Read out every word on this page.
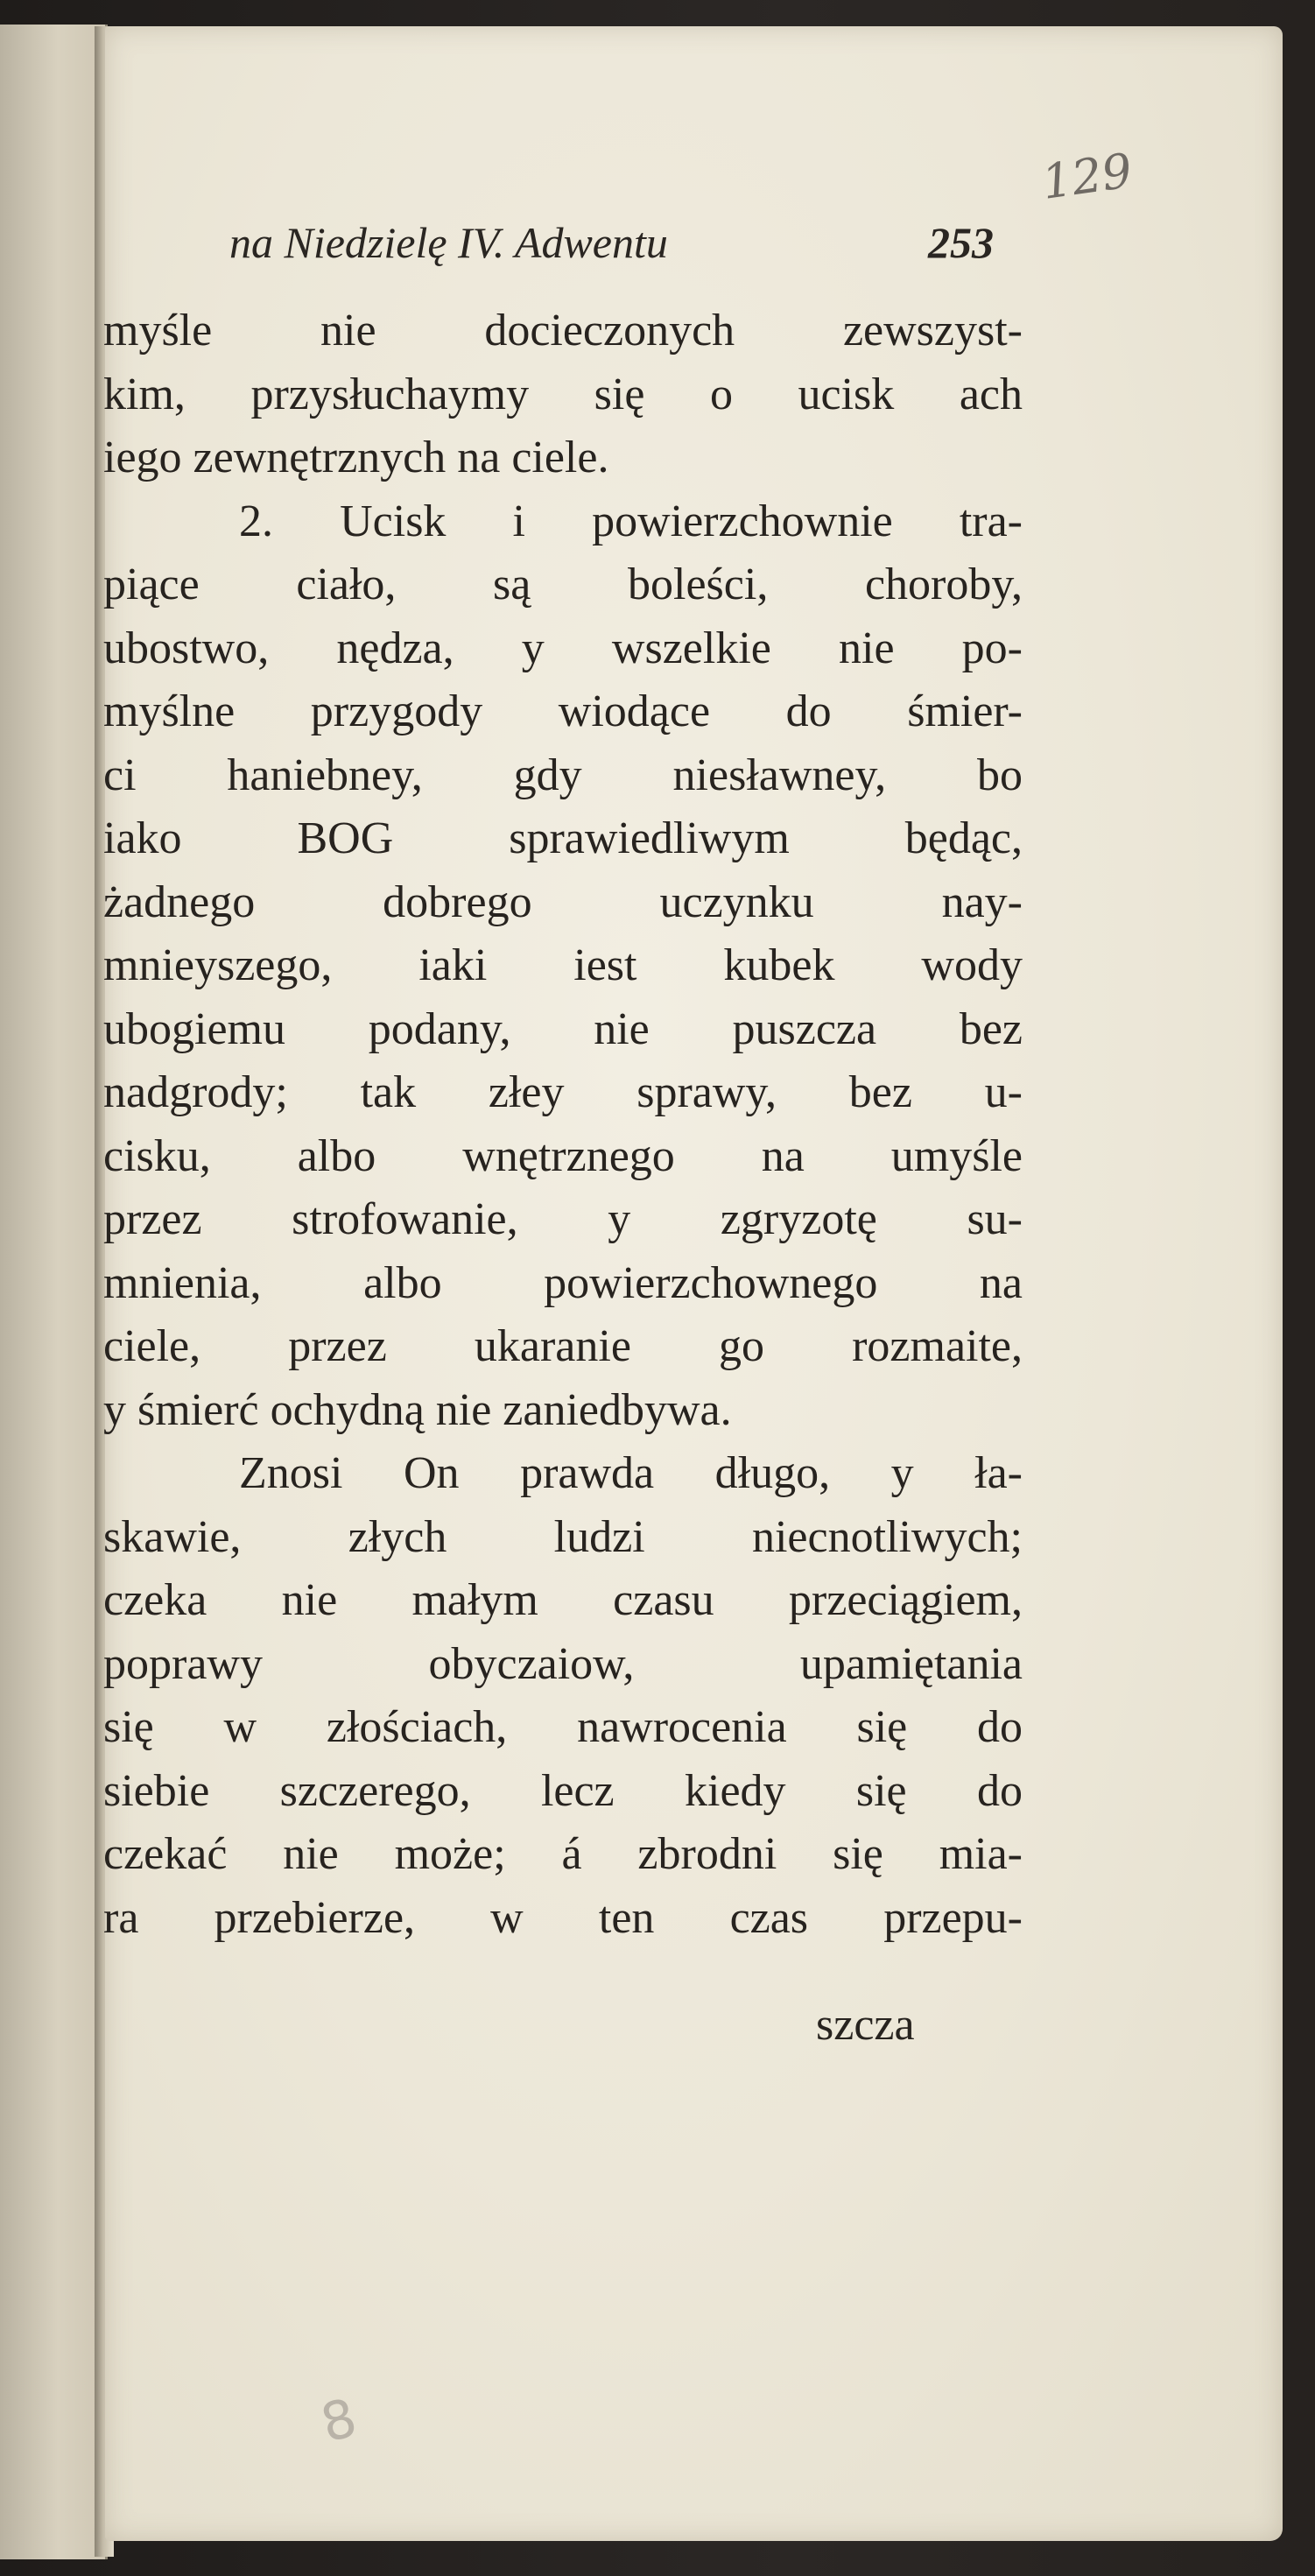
129
na Niedzielę IV. Adwentu	253
myśle nie docieczonych zewszyst-
kim, przysłuchaymy się o ucisk ach
iego zewnętrznych na ciele.
2. Ucisk i powierzchownie tra-
piące ciało, są boleści, choroby,
ubostwo, nędza, y wszelkie nie po-
myślne przygody wiodące do śmier-
ci haniebney, gdy niesławney, bo
iako BOG sprawiedliwym będąc,
żadnego dobrego uczynku nay-
mnieyszego, iaki iest kubek wody
ubogiemu podany, nie puszcza bez
nadgrody; tak złey sprawy, bez u-
cisku, albo wnętrznego na umyśle
przez strofowanie, y zgryzotę su-
mnienia, albo powierzchownego na
ciele, przez ukaranie go rozmaite,
y śmierć ochydną nie zaniedbywa.
Znosi On prawda długo, y ła-
skawie, złych ludzi niecnotliwych;
czeka nie małym czasu przeciągiem,
poprawy obyczaiow, upamiętania
się w złościach, nawrocenia się do
siebie szczerego, lecz kiedy się do
czekać nie może; á zbrodni się mia-
ra przebierze, w ten czas przepu-
szcza
8
